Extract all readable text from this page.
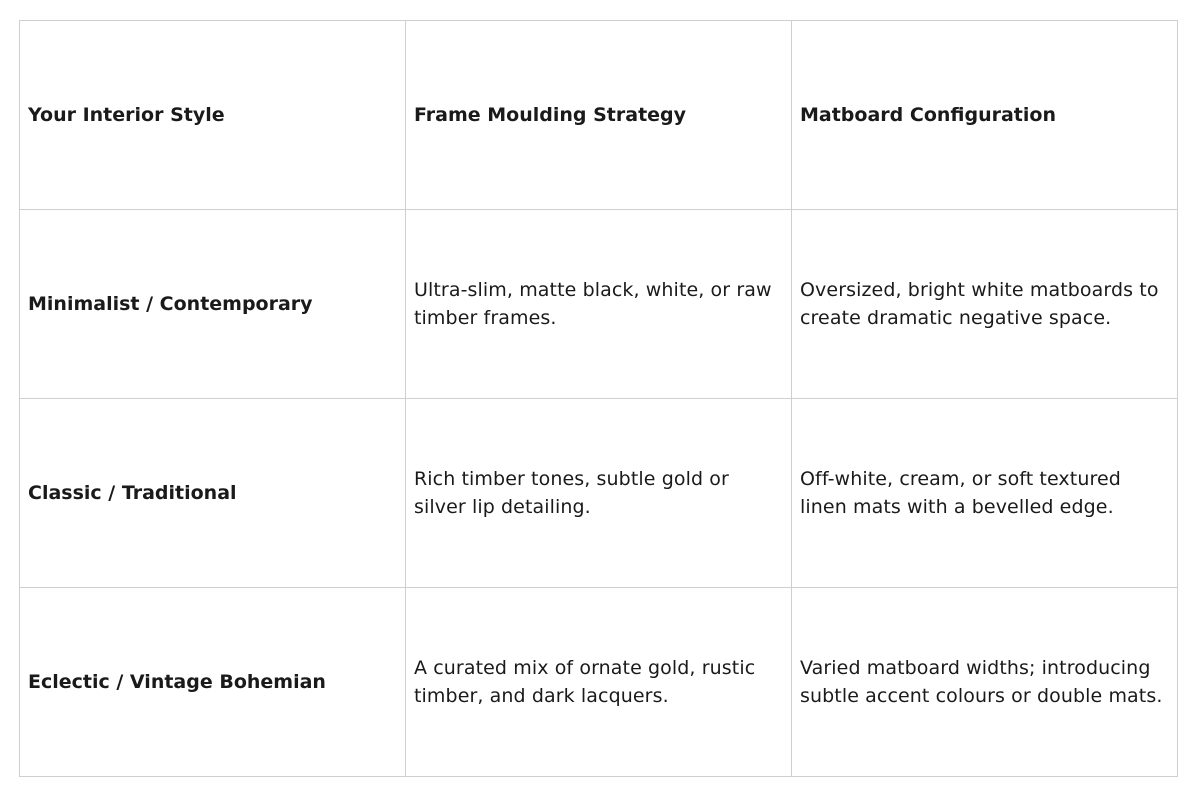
Your Interior Style	Frame Moulding Strategy	Matboard Configuration
Minimalist / Contemporary	Ultra-slim, matte black, white, or raw timber frames.	Oversized, bright white matboards to create dramatic negative space.
Classic / Traditional	Rich timber tones, subtle gold or silver lip detailing.	Off-white, cream, or soft textured linen mats with a bevelled edge.
Eclectic / Vintage Bohemian	A curated mix of ornate gold, rustic timber, and dark lacquers.	Varied matboard widths; introducing subtle accent colours or double mats.
